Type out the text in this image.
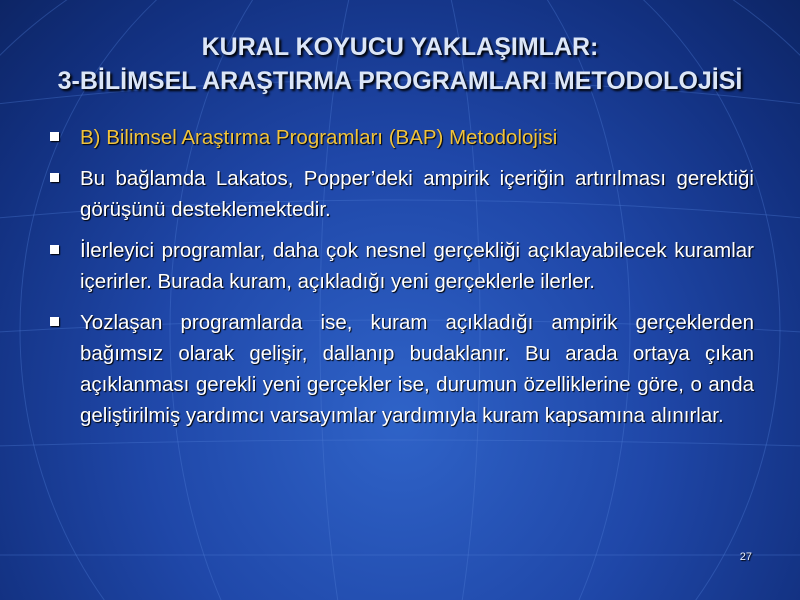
KURAL KOYUCU YAKLAŞIMLAR:
3-BİLİMSEL ARAŞTIRMA PROGRAMLARI METODOLOJİSİ
B) Bilimsel Araştırma Programları (BAP) Metodolojisi
Bu bağlamda Lakatos, Popper’deki ampirik içeriğin artırılması gerektiği görüşünü desteklemektedir.
İlerleyici programlar, daha çok nesnel gerçekliği açıklayabilecek kuramlar içerirler. Burada kuram, açıkladığı yeni gerçeklerle ilerler.
Yozlaşan programlarda ise, kuram açıkladığı ampirik gerçeklerden bağımsız olarak gelişir, dallanıp budaklanır. Bu arada ortaya çıkan açıklanması gerekli yeni gerçekler ise, durumun özelliklerine göre, o anda geliştirilmiş yardımcı varsayımlar yardımıyla kuram kapsamına alınırlar.
27
